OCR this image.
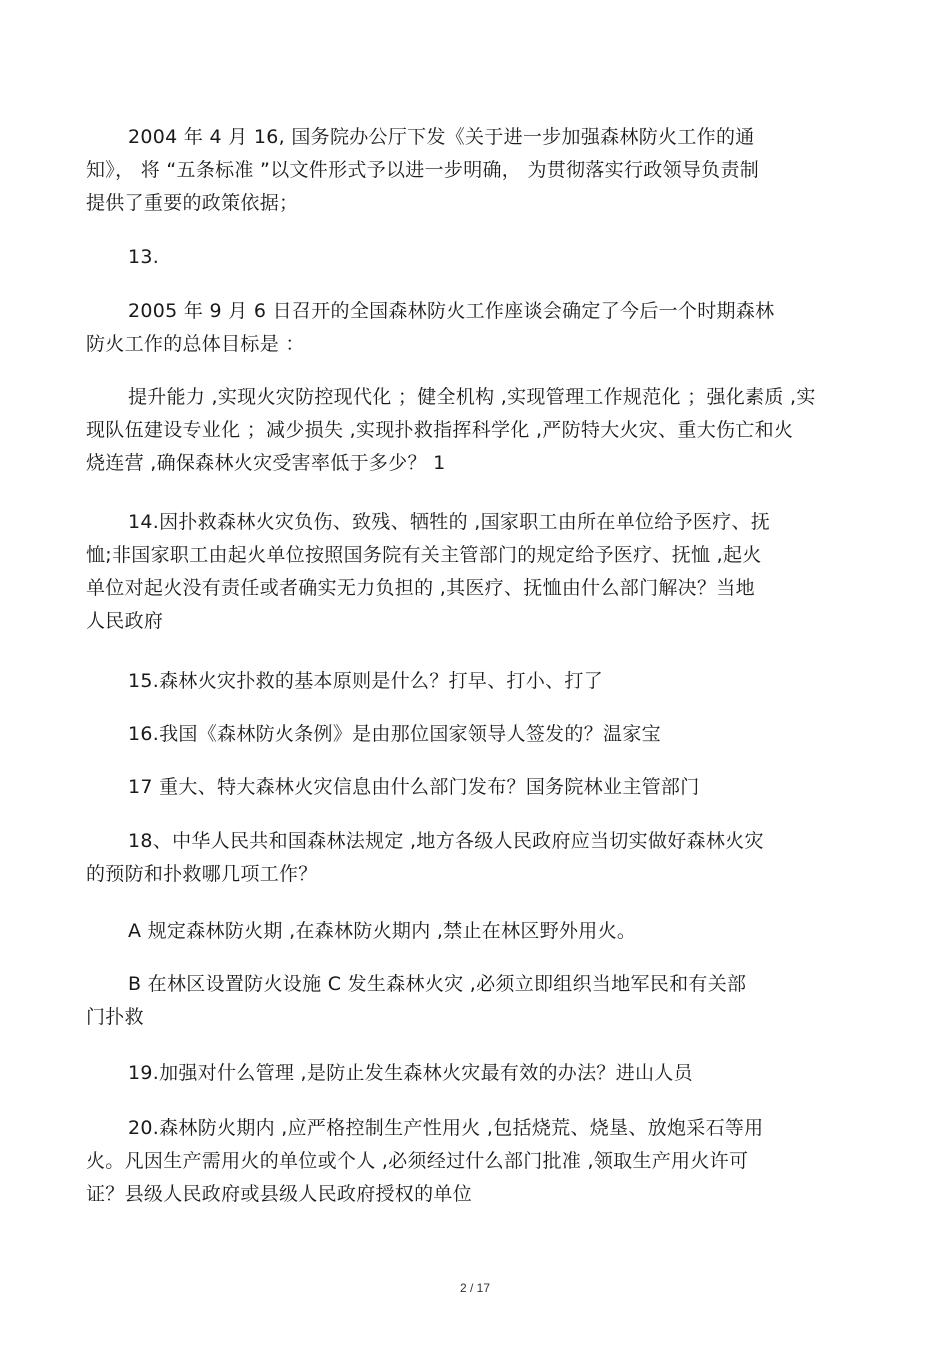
2004 年 4 月 16, 国务院办公厅下发《关于进一步加强森林防火工作的通
知》， 将 “五条标准 ”以文件形式予以进一步明确， 为贯彻落实行政领导负责制
提供了重要的政策依据；

13.

2005 年 9 月 6 日召开的全国森林防火工作座谈会确定了今后一个时期森林
防火工作的总体目标是 ：

提升能力 ,实现火灾防控现代化 ；健全机构 ,实现管理工作规范化 ；强化素质 ,实
现队伍建设专业化 ；减少损失 ,实现扑救指挥科学化 ,严防特大火灾、重大伤亡和火
烧连营 ,确保森林火灾受害率低于多少？ 1

14.因扑救森林火灾负伤、致残、牺牲的 ,国家职工由所在单位给予医疗、抚
恤;非国家职工由起火单位按照国务院有关主管部门的规定给予医疗、抚恤 ,起火
单位对起火没有责任或者确实无力负担的 ,其医疗、抚恤由什么部门解决？当地
人民政府

15.森林火灾扑救的基本原则是什么？打早、打小、打了

16.我国《森林防火条例》是由那位国家领导人签发的？温家宝

17 重大、特大森林火灾信息由什么部门发布？国务院林业主管部门

18、中华人民共和国森林法规定 ,地方各级人民政府应当切实做好森林火灾
的预防和扑救哪几项工作？

A 规定森林防火期 ,在森林防火期内 ,禁止在林区野外用火。

B 在林区设置防火设施 C 发生森林火灾 ,必须立即组织当地军民和有关部
门扑救

19.加强对什么管理 ,是防止发生森林火灾最有效的办法？进山人员

20.森林防火期内 ,应严格控制生产性用火 ,包括烧荒、烧垦、放炮采石等用
火。凡因生产需用火的单位或个人 ,必须经过什么部门批准 ,领取生产用火许可
证？县级人民政府或县级人民政府授权的单位

2 / 17
